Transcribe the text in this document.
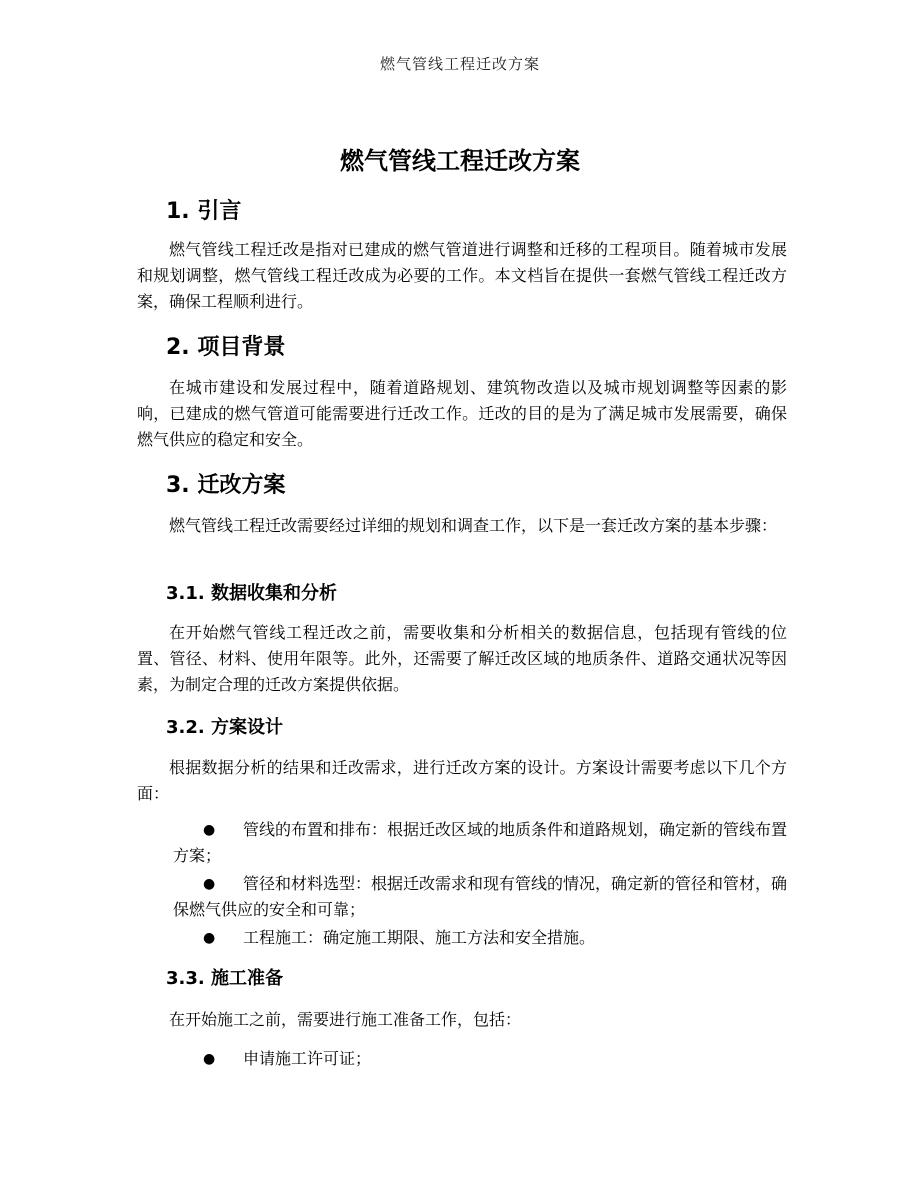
燃气管线工程迁改方案
燃气管线工程迁改方案
1. 引言
燃气管线工程迁改是指对已建成的燃气管道进行调整和迁移的工程项目。随着城市发展和规划调整，燃气管线工程迁改成为必要的工作。本文档旨在提供一套燃气管线工程迁改方案，确保工程顺利进行。
2. 项目背景
在城市建设和发展过程中，随着道路规划、建筑物改造以及城市规划调整等因素的影响，已建成的燃气管道可能需要进行迁改工作。迁改的目的是为了满足城市发展需要，确保燃气供应的稳定和安全。
3. 迁改方案
燃气管线工程迁改需要经过详细的规划和调查工作，以下是一套迁改方案的基本步骤：
3.1. 数据收集和分析
在开始燃气管线工程迁改之前，需要收集和分析相关的数据信息，包括现有管线的位置、管径、材料、使用年限等。此外，还需要了解迁改区域的地质条件、道路交通状况等因素，为制定合理的迁改方案提供依据。
3.2. 方案设计
根据数据分析的结果和迁改需求，进行迁改方案的设计。方案设计需要考虑以下几个方面：
●	管线的布置和排布：根据迁改区域的地质条件和道路规划，确定新的管线布置方案；
●	管径和材料选型：根据迁改需求和现有管线的情况，确定新的管径和管材，确保燃气供应的安全和可靠；
●	工程施工：确定施工期限、施工方法和安全措施。
3.3. 施工准备
在开始施工之前，需要进行施工准备工作，包括：
●	申请施工许可证；
